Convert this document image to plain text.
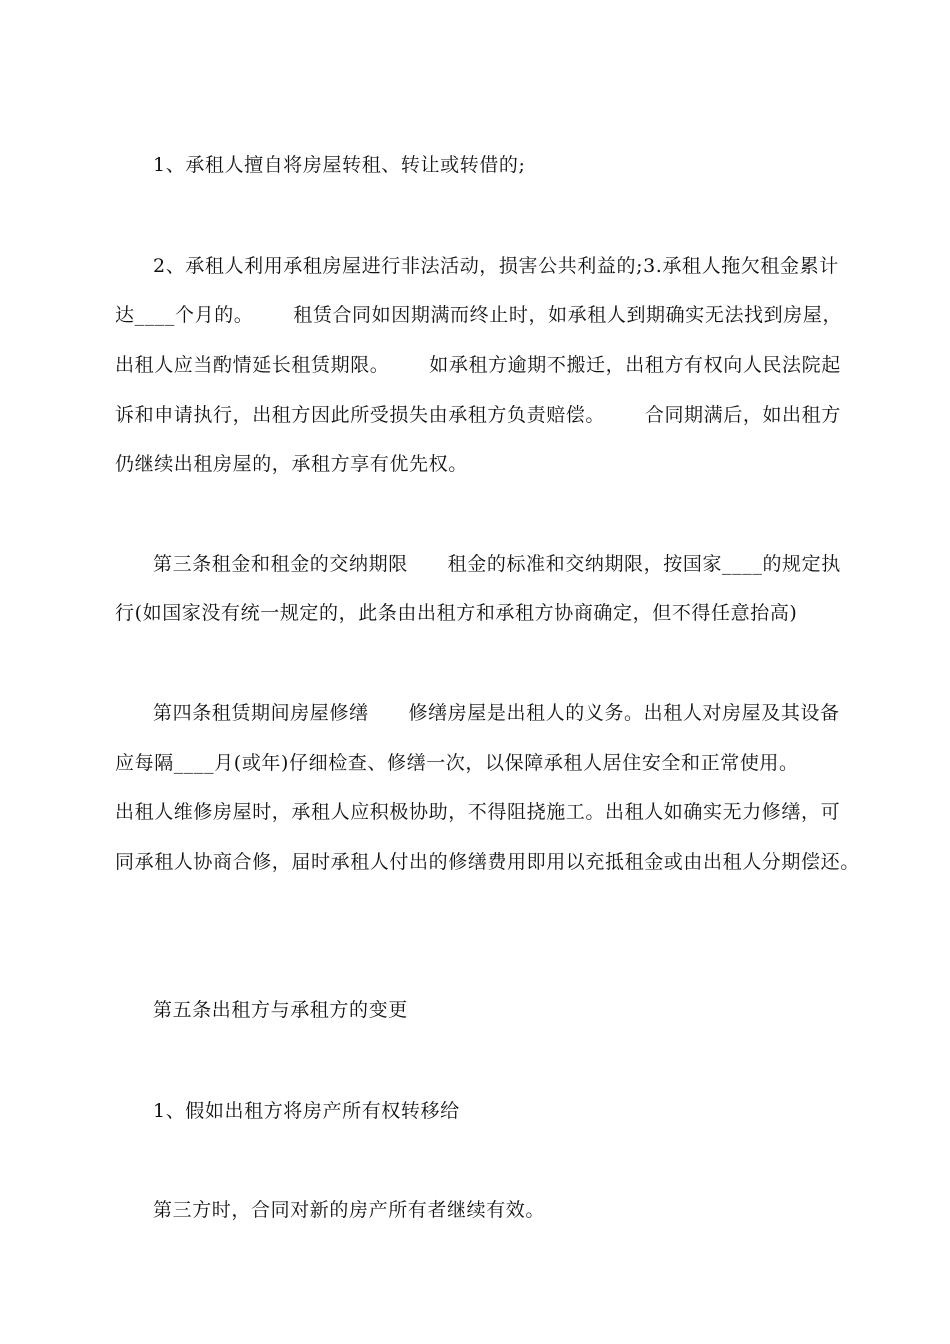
1、承租人擅自将房屋转租、转让或转借的;
2、承租人利用承租房屋进行非法活动，损害公共利益的;3.承租人拖欠租金累计
达____个月的。      租赁合同如因期满而终止时，如承租人到期确实无法找到房屋，
出租人应当酌情延长租赁期限。      如承租方逾期不搬迁，出租方有权向人民法院起
诉和申请执行，出租方因此所受损失由承租方负责赔偿。      合同期满后，如出租方
仍继续出租房屋的，承租方享有优先权。
第三条租金和租金的交纳期限      租金的标准和交纳期限，按国家____的规定执
行(如国家没有统一规定的，此条由出租方和承租方协商确定，但不得任意抬高)
第四条租赁期间房屋修缮      修缮房屋是出租人的义务。出租人对房屋及其设备
应每隔____月(或年)仔细检查、修缮一次，以保障承租人居住安全和正常使用。
出租人维修房屋时，承租人应积极协助，不得阻挠施工。出租人如确实无力修缮，可
同承租人协商合修，届时承租人付出的修缮费用即用以充抵租金或由出租人分期偿还。
第五条出租方与承租方的变更
1、假如出租方将房产所有权转移给
第三方时，合同对新的房产所有者继续有效。
